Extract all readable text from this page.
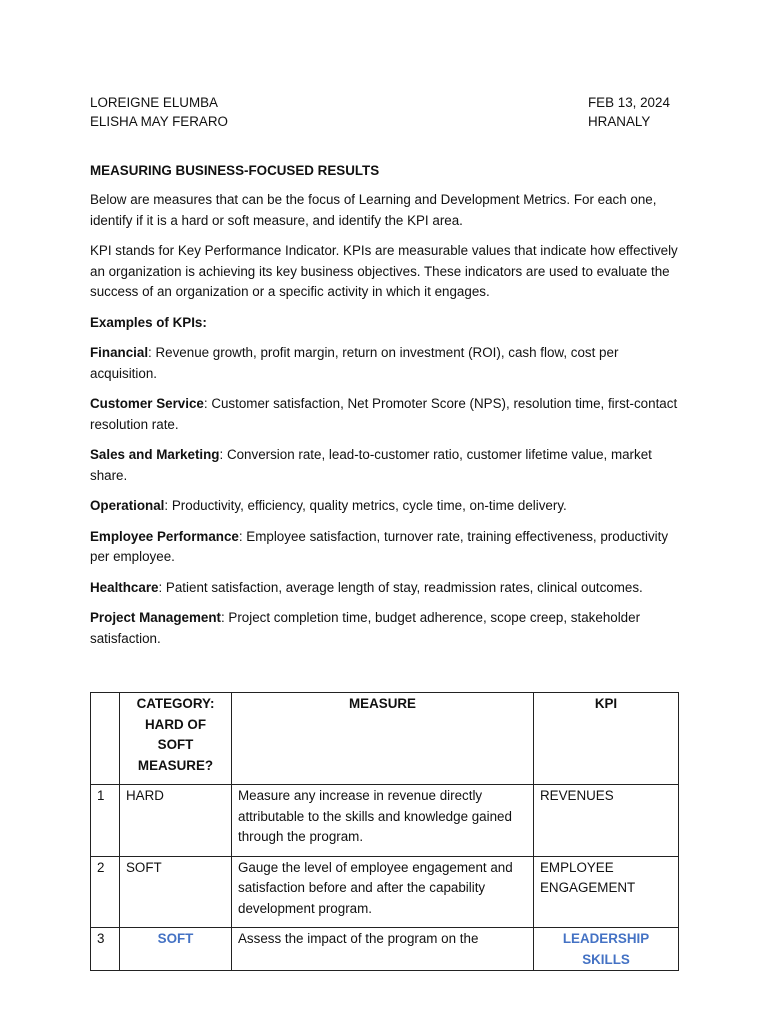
LOREIGNE ELUMBA
ELISHA MAY FERARO
FEB 13, 2024
HRANALY
MEASURING BUSINESS-FOCUSED RESULTS

Below are measures that can be the focus of Learning and Development Metrics. For each one, identify if it is a hard or soft measure, and identify the KPI area.

KPI stands for Key Performance Indicator. KPIs are measurable values that indicate how effectively an organization is achieving its key business objectives. These indicators are used to evaluate the success of an organization or a specific activity in which it engages.

Examples of KPIs:

Financial: Revenue growth, profit margin, return on investment (ROI), cash flow, cost per acquisition.

Customer Service: Customer satisfaction, Net Promoter Score (NPS), resolution time, first-contact resolution rate.

Sales and Marketing: Conversion rate, lead-to-customer ratio, customer lifetime value, market share.

Operational: Productivity, efficiency, quality metrics, cycle time, on-time delivery.

Employee Performance: Employee satisfaction, turnover rate, training effectiveness, productivity per employee.

Healthcare: Patient satisfaction, average length of stay, readmission rates, clinical outcomes.

Project Management: Project completion time, budget adherence, scope creep, stakeholder satisfaction.

	CATEGORY: HARD OF SOFT MEASURE?	MEASURE	KPI
1	HARD	Measure any increase in revenue directly attributable to the skills and knowledge gained through the program.	REVENUES
2	SOFT	Gauge the level of employee engagement and satisfaction before and after the capability development program.	EMPLOYEE ENGAGEMENT
3	SOFT	Assess the impact of the program on the	LEADERSHIP SKILLS
